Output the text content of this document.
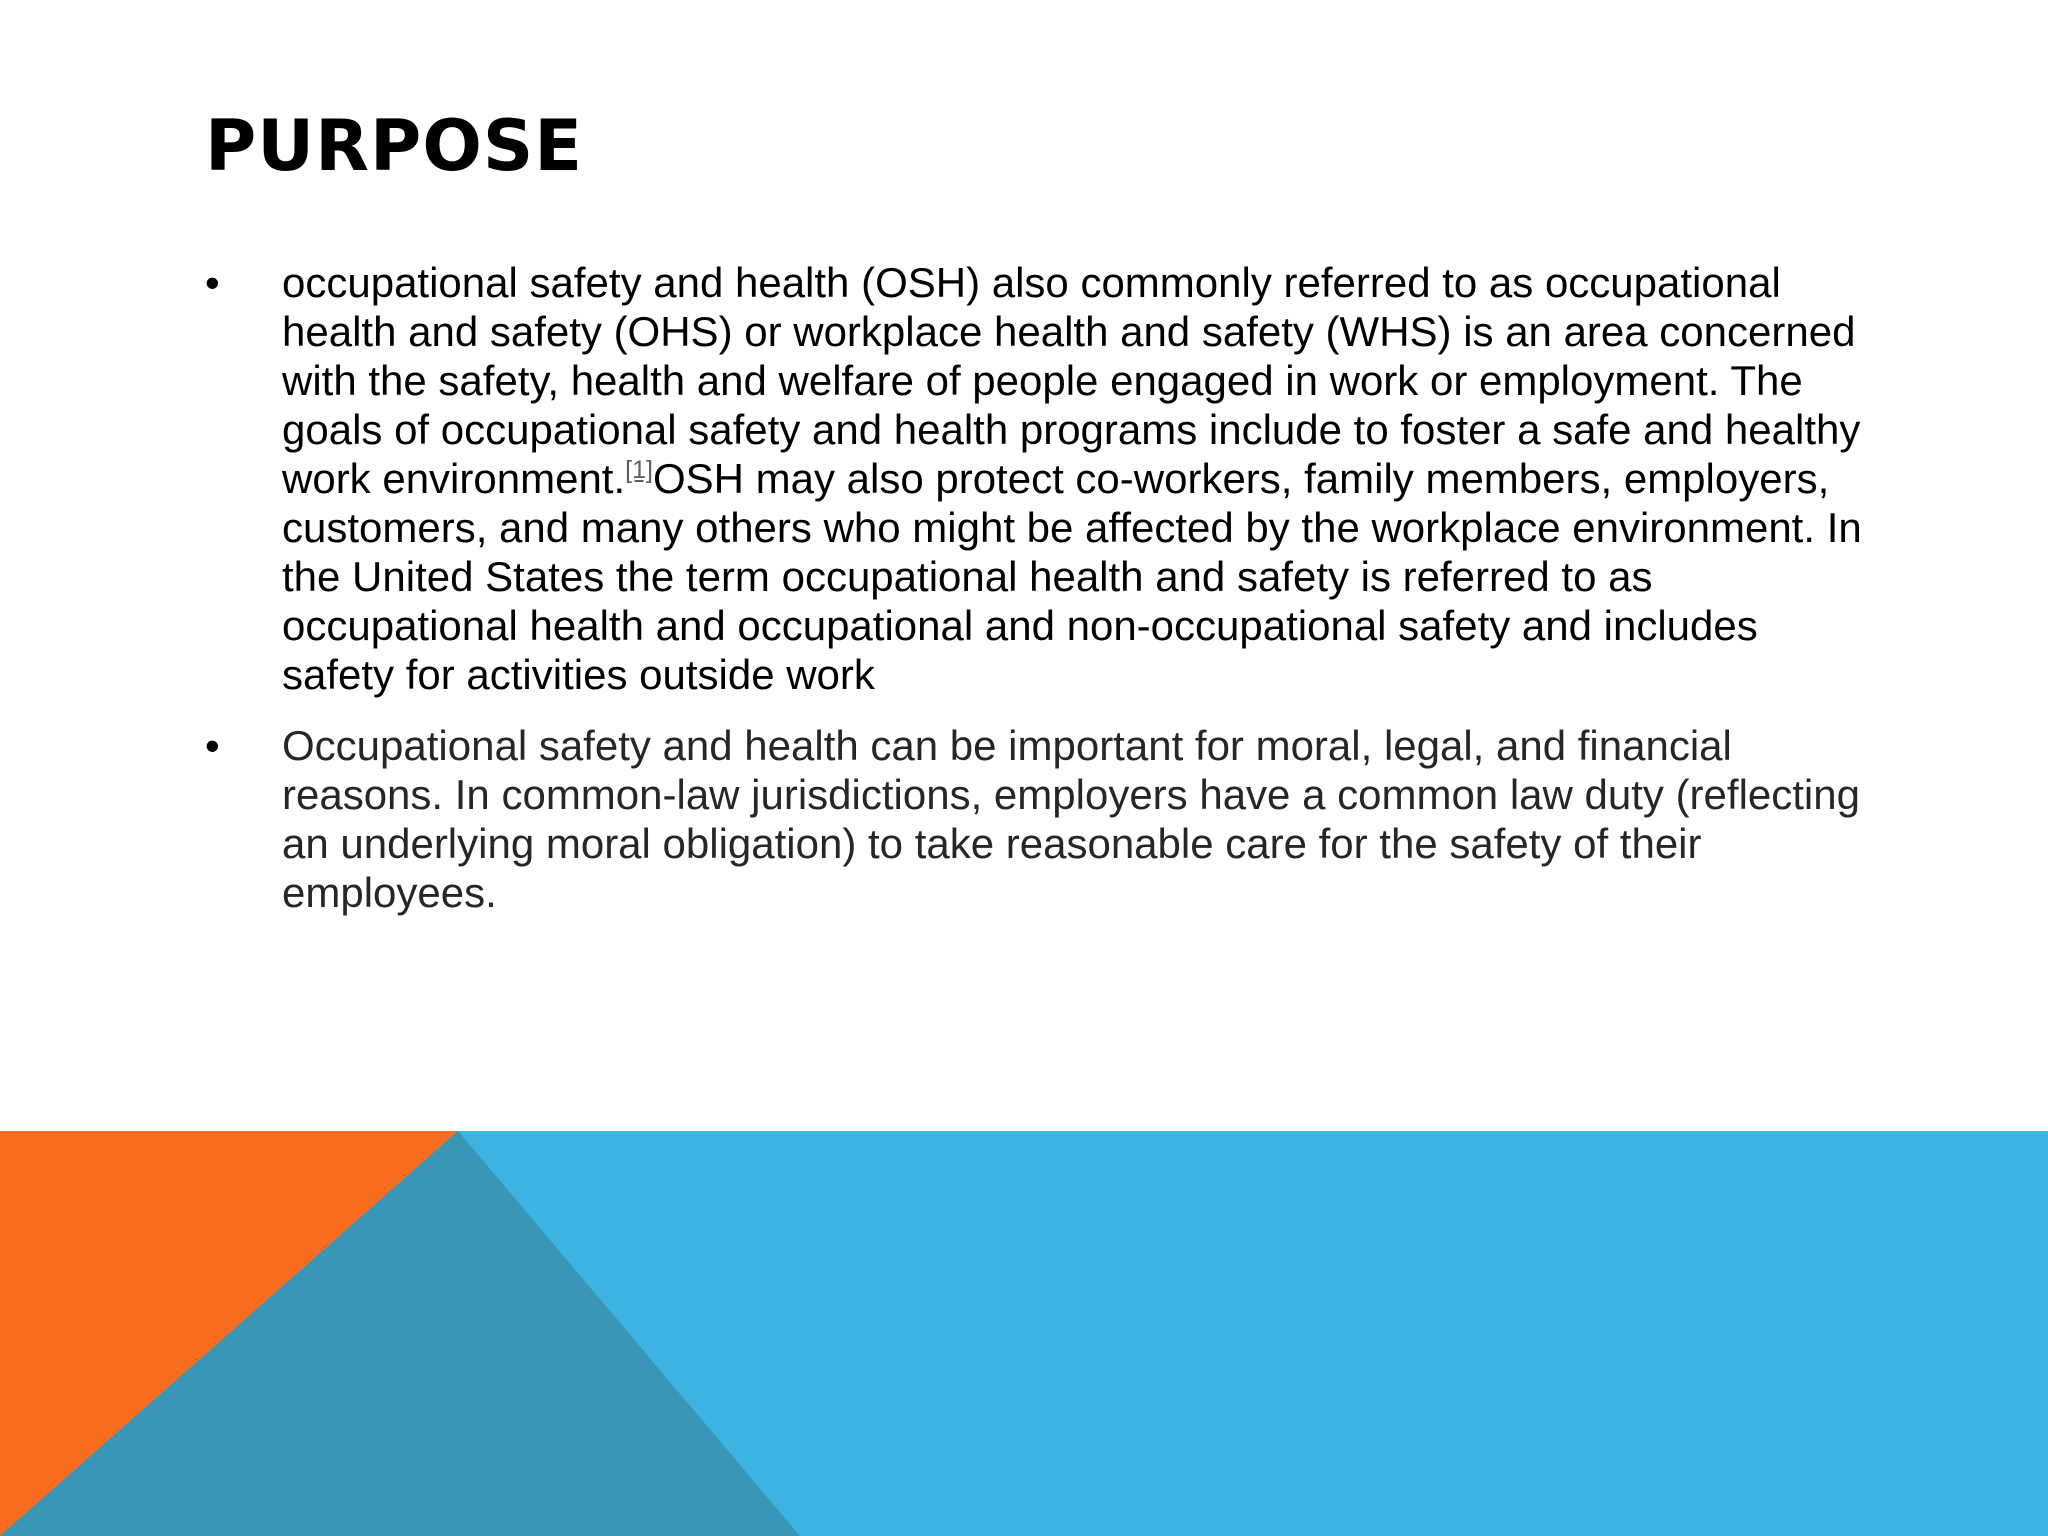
PURPOSE
• occupational safety and health (OSH) also commonly referred to as occupational health and safety (OHS) or workplace health and safety (WHS) is an area concerned with the safety, health and welfare of people engaged in work or employment. The goals of occupational safety and health programs include to foster a safe and healthy work environment.[1]OSH may also protect co-workers, family members, employers, customers, and many others who might be affected by the workplace environment. In the United States the term occupational health and safety is referred to as occupational health and occupational and non-occupational safety and includes safety for activities outside work
• Occupational safety and health can be important for moral, legal, and financial reasons. In common-law jurisdictions, employers have a common law duty (reflecting an underlying moral obligation) to take reasonable care for the safety of their employees.
